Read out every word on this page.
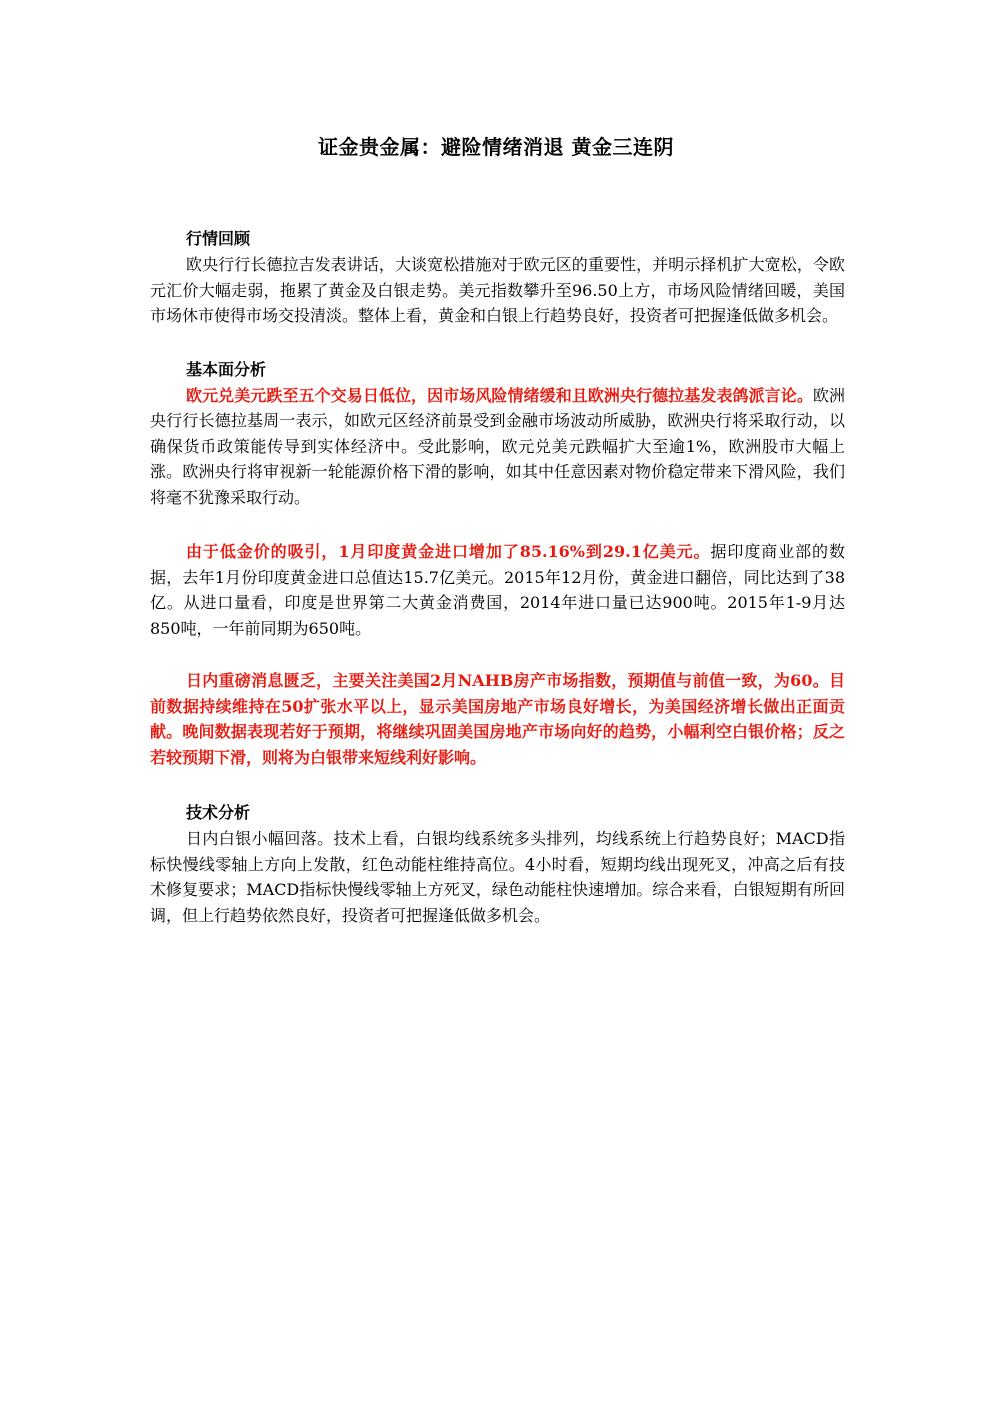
证金贵金属：避险情绪消退 黄金三连阴
行情回顾

欧央行行长德拉吉发表讲话，大谈宽松措施对于欧元区的重要性，并明示择机扩大宽松，令欧元汇价大幅走弱，拖累了黄金及白银走势。美元指数攀升至96.50上方，市场风险情绪回暖，美国市场休市使得市场交投清淡。整体上看，黄金和白银上行趋势良好，投资者可把握逢低做多机会。

基本面分析

欧元兑美元跌至五个交易日低位，因市场风险情绪缓和且欧洲央行德拉基发表鸽派言论。欧洲央行行长德拉基周一表示，如欧元区经济前景受到金融市场波动所威胁，欧洲央行将采取行动，以确保货币政策能传导到实体经济中。受此影响，欧元兑美元跌幅扩大至逾1%，欧洲股市大幅上涨。欧洲央行将审视新一轮能源价格下滑的影响，如其中任意因素对物价稳定带来下滑风险，我们将毫不犹豫采取行动。

由于低金价的吸引，1月印度黄金进口增加了85.16%到29.1亿美元。据印度商业部的数据，去年1月份印度黄金进口总值达15.7亿美元。2015年12月份，黄金进口翻倍，同比达到了38亿。从进口量看，印度是世界第二大黄金消费国，2014年进口量已达900吨。2015年1-9月达850吨，一年前同期为650吨。

日内重磅消息匮乏，主要关注美国2月NAHB房产市场指数，预期值与前值一致，为60。目前数据持续维持在50扩张水平以上，显示美国房地产市场良好增长，为美国经济增长做出正面贡献。晚间数据表现若好于预期，将继续巩固美国房地产市场向好的趋势，小幅利空白银价格；反之若较预期下滑，则将为白银带来短线利好影响。

技术分析

日内白银小幅回落。技术上看，白银均线系统多头排列，均线系统上行趋势良好；MACD指标快慢线零轴上方向上发散，红色动能柱维持高位。4小时看，短期均线出现死叉，冲高之后有技术修复要求；MACD指标快慢线零轴上方死叉，绿色动能柱快速增加。综合来看，白银短期有所回调，但上行趋势依然良好，投资者可把握逢低做多机会。
